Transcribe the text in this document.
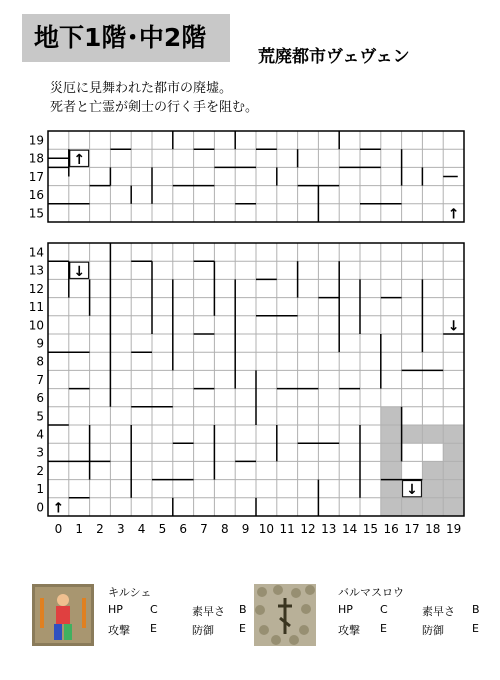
地下1階･中2階
荒廃都市ヴェヴェン
災厄に見舞われた都市の廃墟。
死者と亡霊が剣士の行く手を阻む。
19
18
17
16
15
14
13
12
11
10
9
8
7
6
5
4
3
2
1
0
0 1 2 3 4 5 6 7 8 9 10 11 12 13 14 15 16 17 18 19
↑
↑
↓
↓
↓
↑
キルシェ
HP C	素早さ B
攻撃 E	防御 E
バルマスロウ
HP C	素早さ B
攻撃 E	防御	E
